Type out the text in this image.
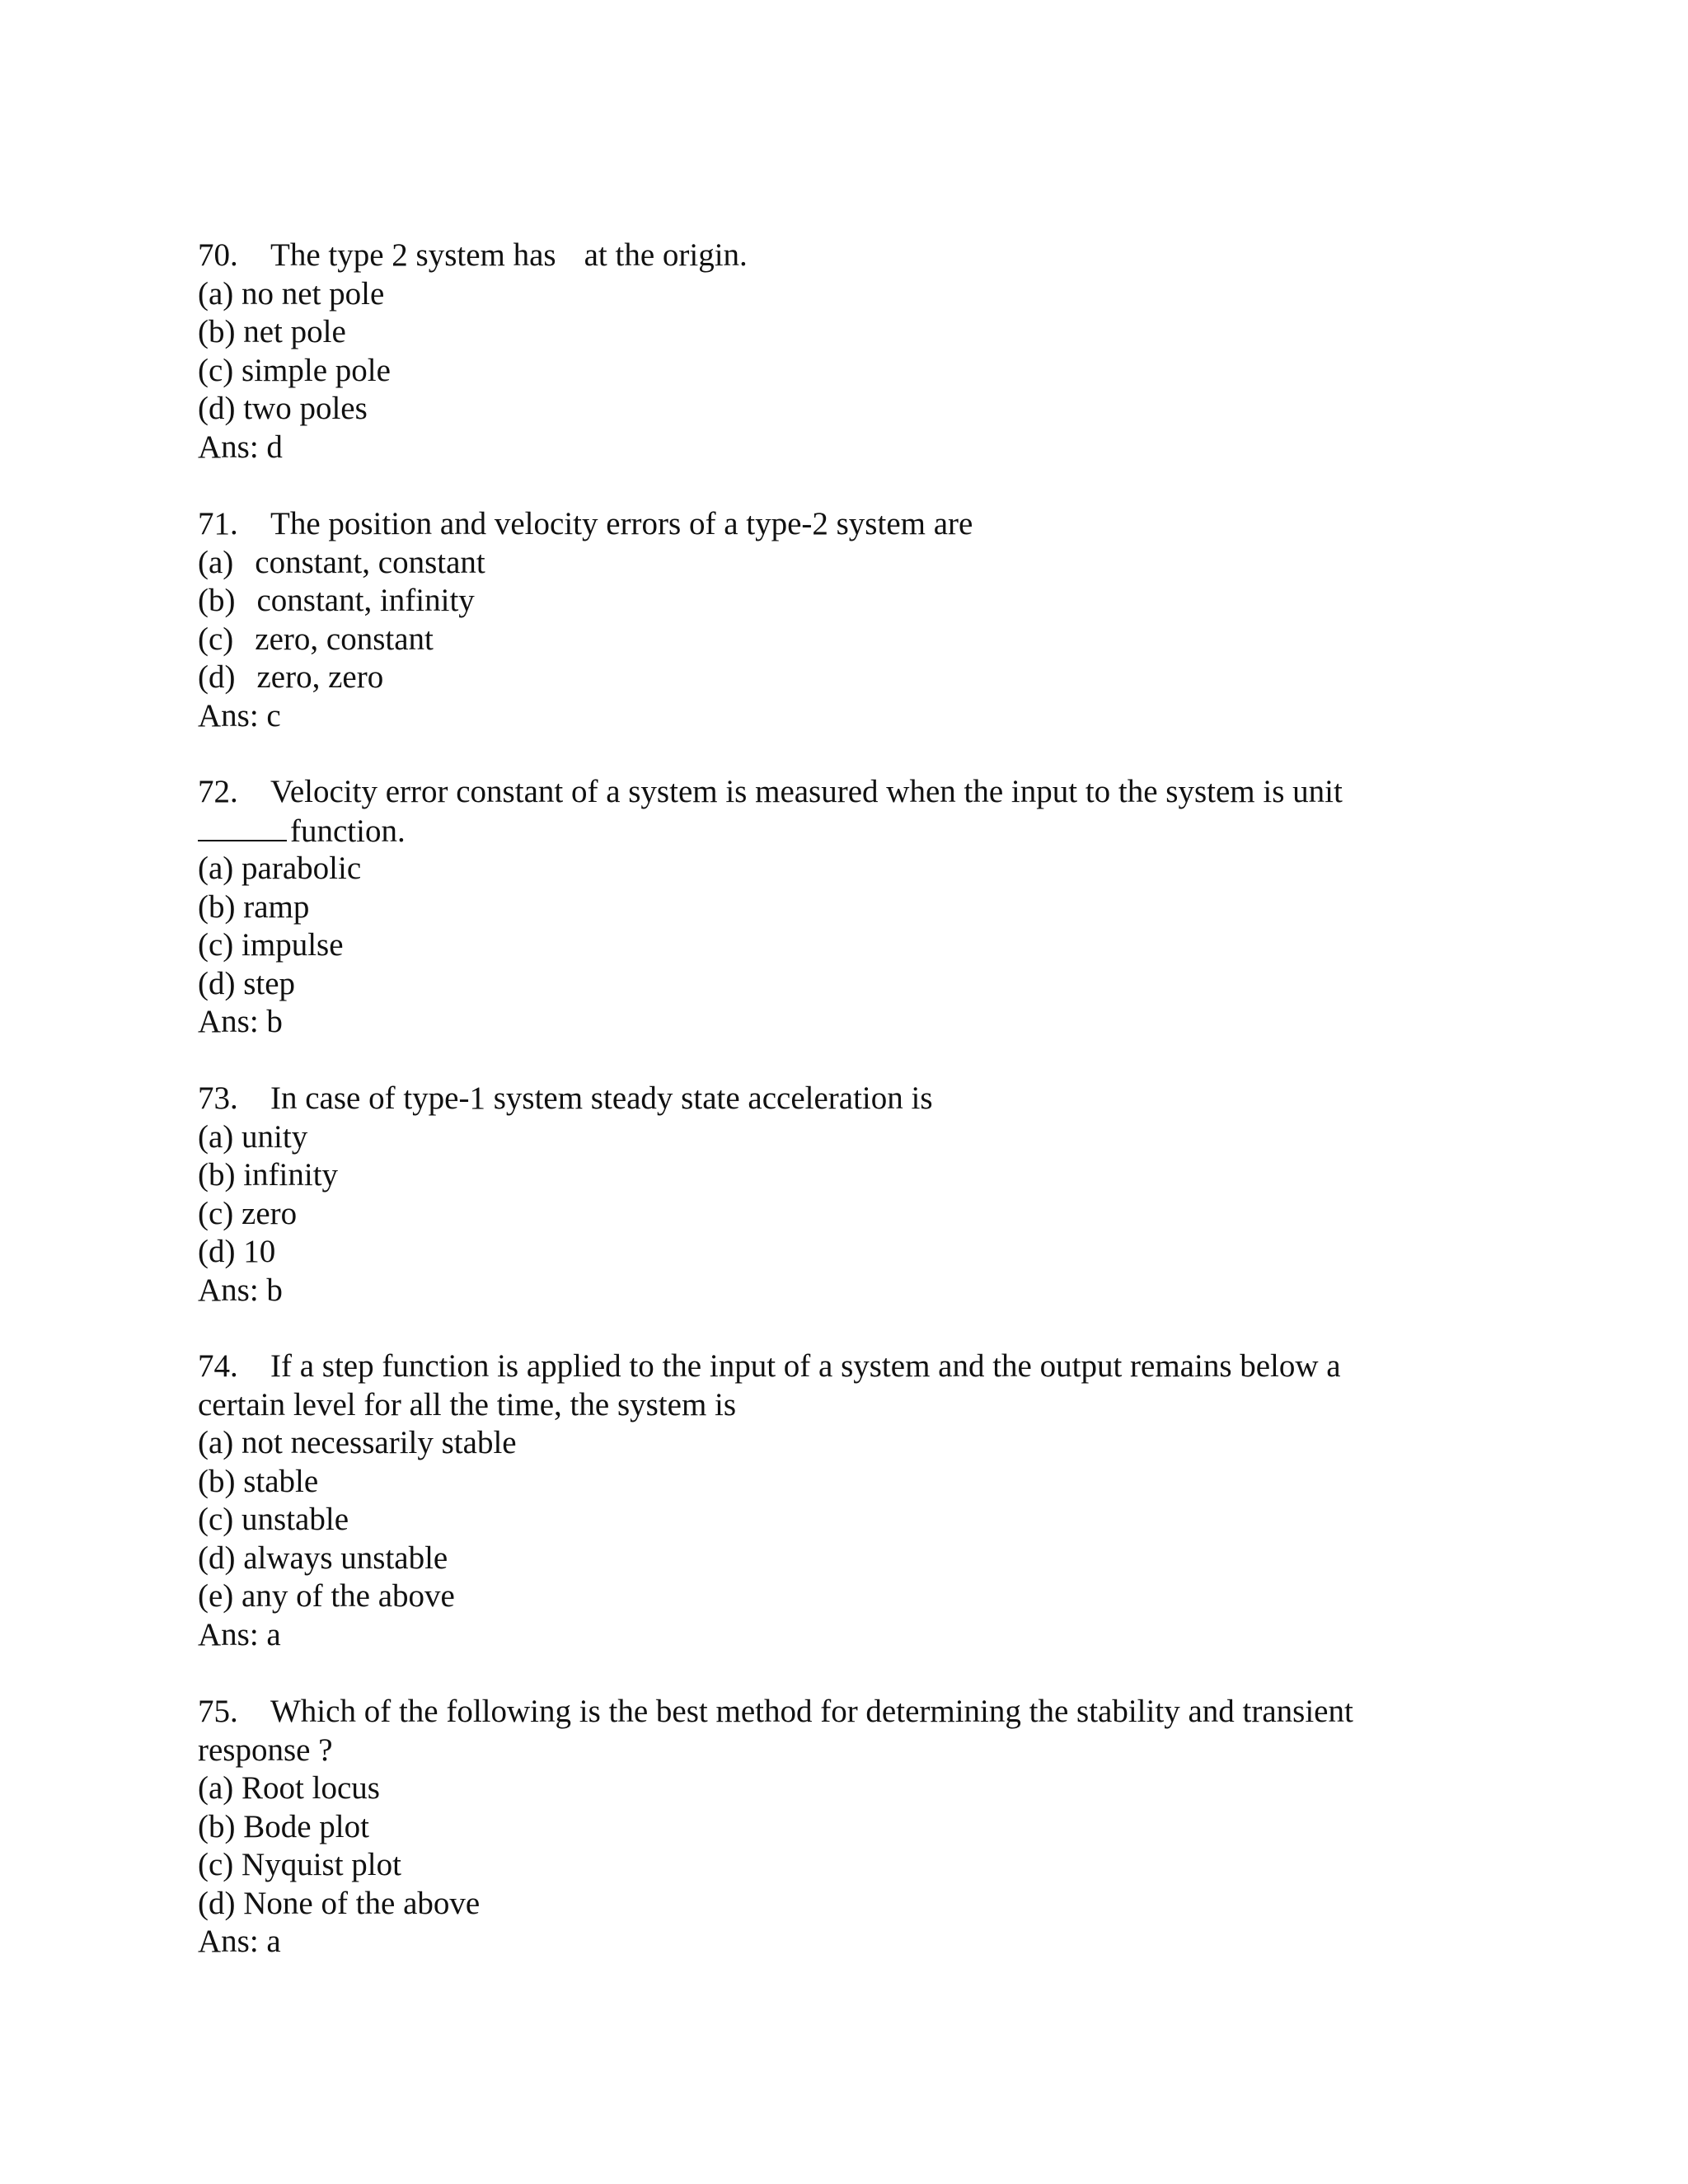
70. The type 2 system has at the origin.
(a) no net pole
(b) net pole
(c) simple pole
(d) two poles
Ans: d
71. The position and velocity errors of a type-2 system are
(a) constant, constant
(b) constant, infinity
(c) zero, constant
(d) zero, zero
Ans: c
72. Velocity error constant of a system is measured when the input to the system is unit
function.
(a) parabolic
(b) ramp
(c) impulse
(d) step
Ans: b
73. In case of type-1 system steady state acceleration is
(a) unity
(b) infinity
(c) zero
(d) 10
Ans: b
74. If a step function is applied to the input of a system and the output remains below a
certain level for all the time, the system is
(a) not necessarily stable
(b) stable
(c) unstable
(d) always unstable
(e) any of the above
Ans: a
75. Which of the following is the best method for determining the stability and transient
response ?
(a) Root locus
(b) Bode plot
(c) Nyquist plot
(d) None of the above
Ans: a
